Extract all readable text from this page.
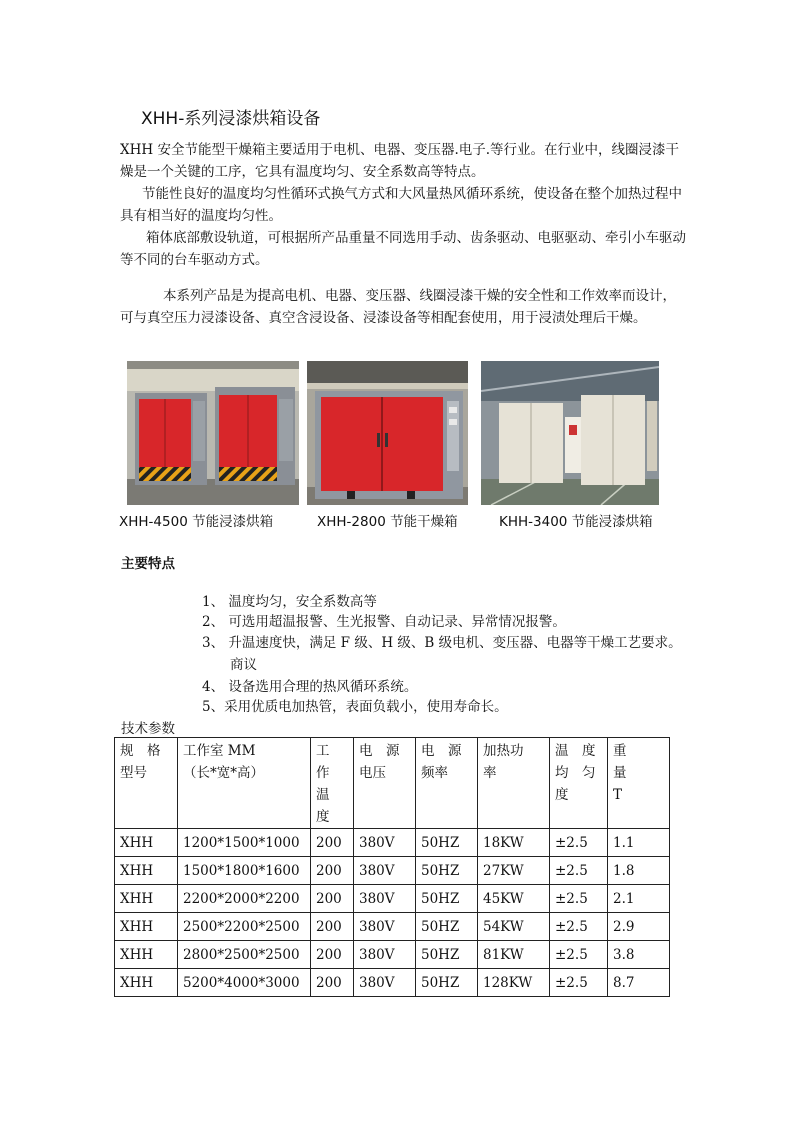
XHH-系列浸漆烘箱设备
XHH 安全节能型干燥箱主要适用于电机、电器、变压器.电子.等行业。在行业中，线圈浸漆干
燥是一个关键的工序，它具有温度均匀、安全系数高等特点。
节能性良好的温度均匀性循环式换气方式和大风量热风循环系统，使设备在整个加热过程中
具有相当好的温度均匀性。
箱体底部敷设轨道，可根据所产品重量不同选用手动、齿条驱动、电驱驱动、牵引小车驱动
等不同的台车驱动方式。
本系列产品是为提高电机、电器、变压器、线圈浸漆干燥的安全性和工作效率而设计，
可与真空压力浸漆设备、真空含浸设备、浸漆设备等相配套使用，用于浸渍处理后干燥。
XHH-4500 节能浸漆烘箱	XHH-2800 节能干燥箱	KHH-3400 节能浸漆烘箱
主要特点
1、 温度均匀，安全系数高等
2、 可选用超温报警、生光报警、自动记录、异常情况报警。
3、 升温速度快，满足 F 级、H 级、B 级电机、变压器、电器等干燥工艺要求。
商议
4、 设备选用合理的热风循环系统。
5、采用优质电加热管，表面负载小，使用寿命长。
技术参数
规　格
型号	工作室 MM
（长*宽*高）	工
作
温
度	电　源
电压	电　源
频率	加热功
率	温　度
均　匀
度	重
量
T
XHH	1200*1500*1000	200	380V	50HZ	18KW	±2.5	1.1
XHH	1500*1800*1600	200	380V	50HZ	27KW	±2.5	1.8
XHH	2200*2000*2200	200	380V	50HZ	45KW	±2.5	2.1
XHH	2500*2200*2500	200	380V	50HZ	54KW	±2.5	2.9
XHH	2800*2500*2500	200	380V	50HZ	81KW	±2.5	3.8
XHH	5200*4000*3000	200	380V	50HZ	128KW	±2.5	8.7
